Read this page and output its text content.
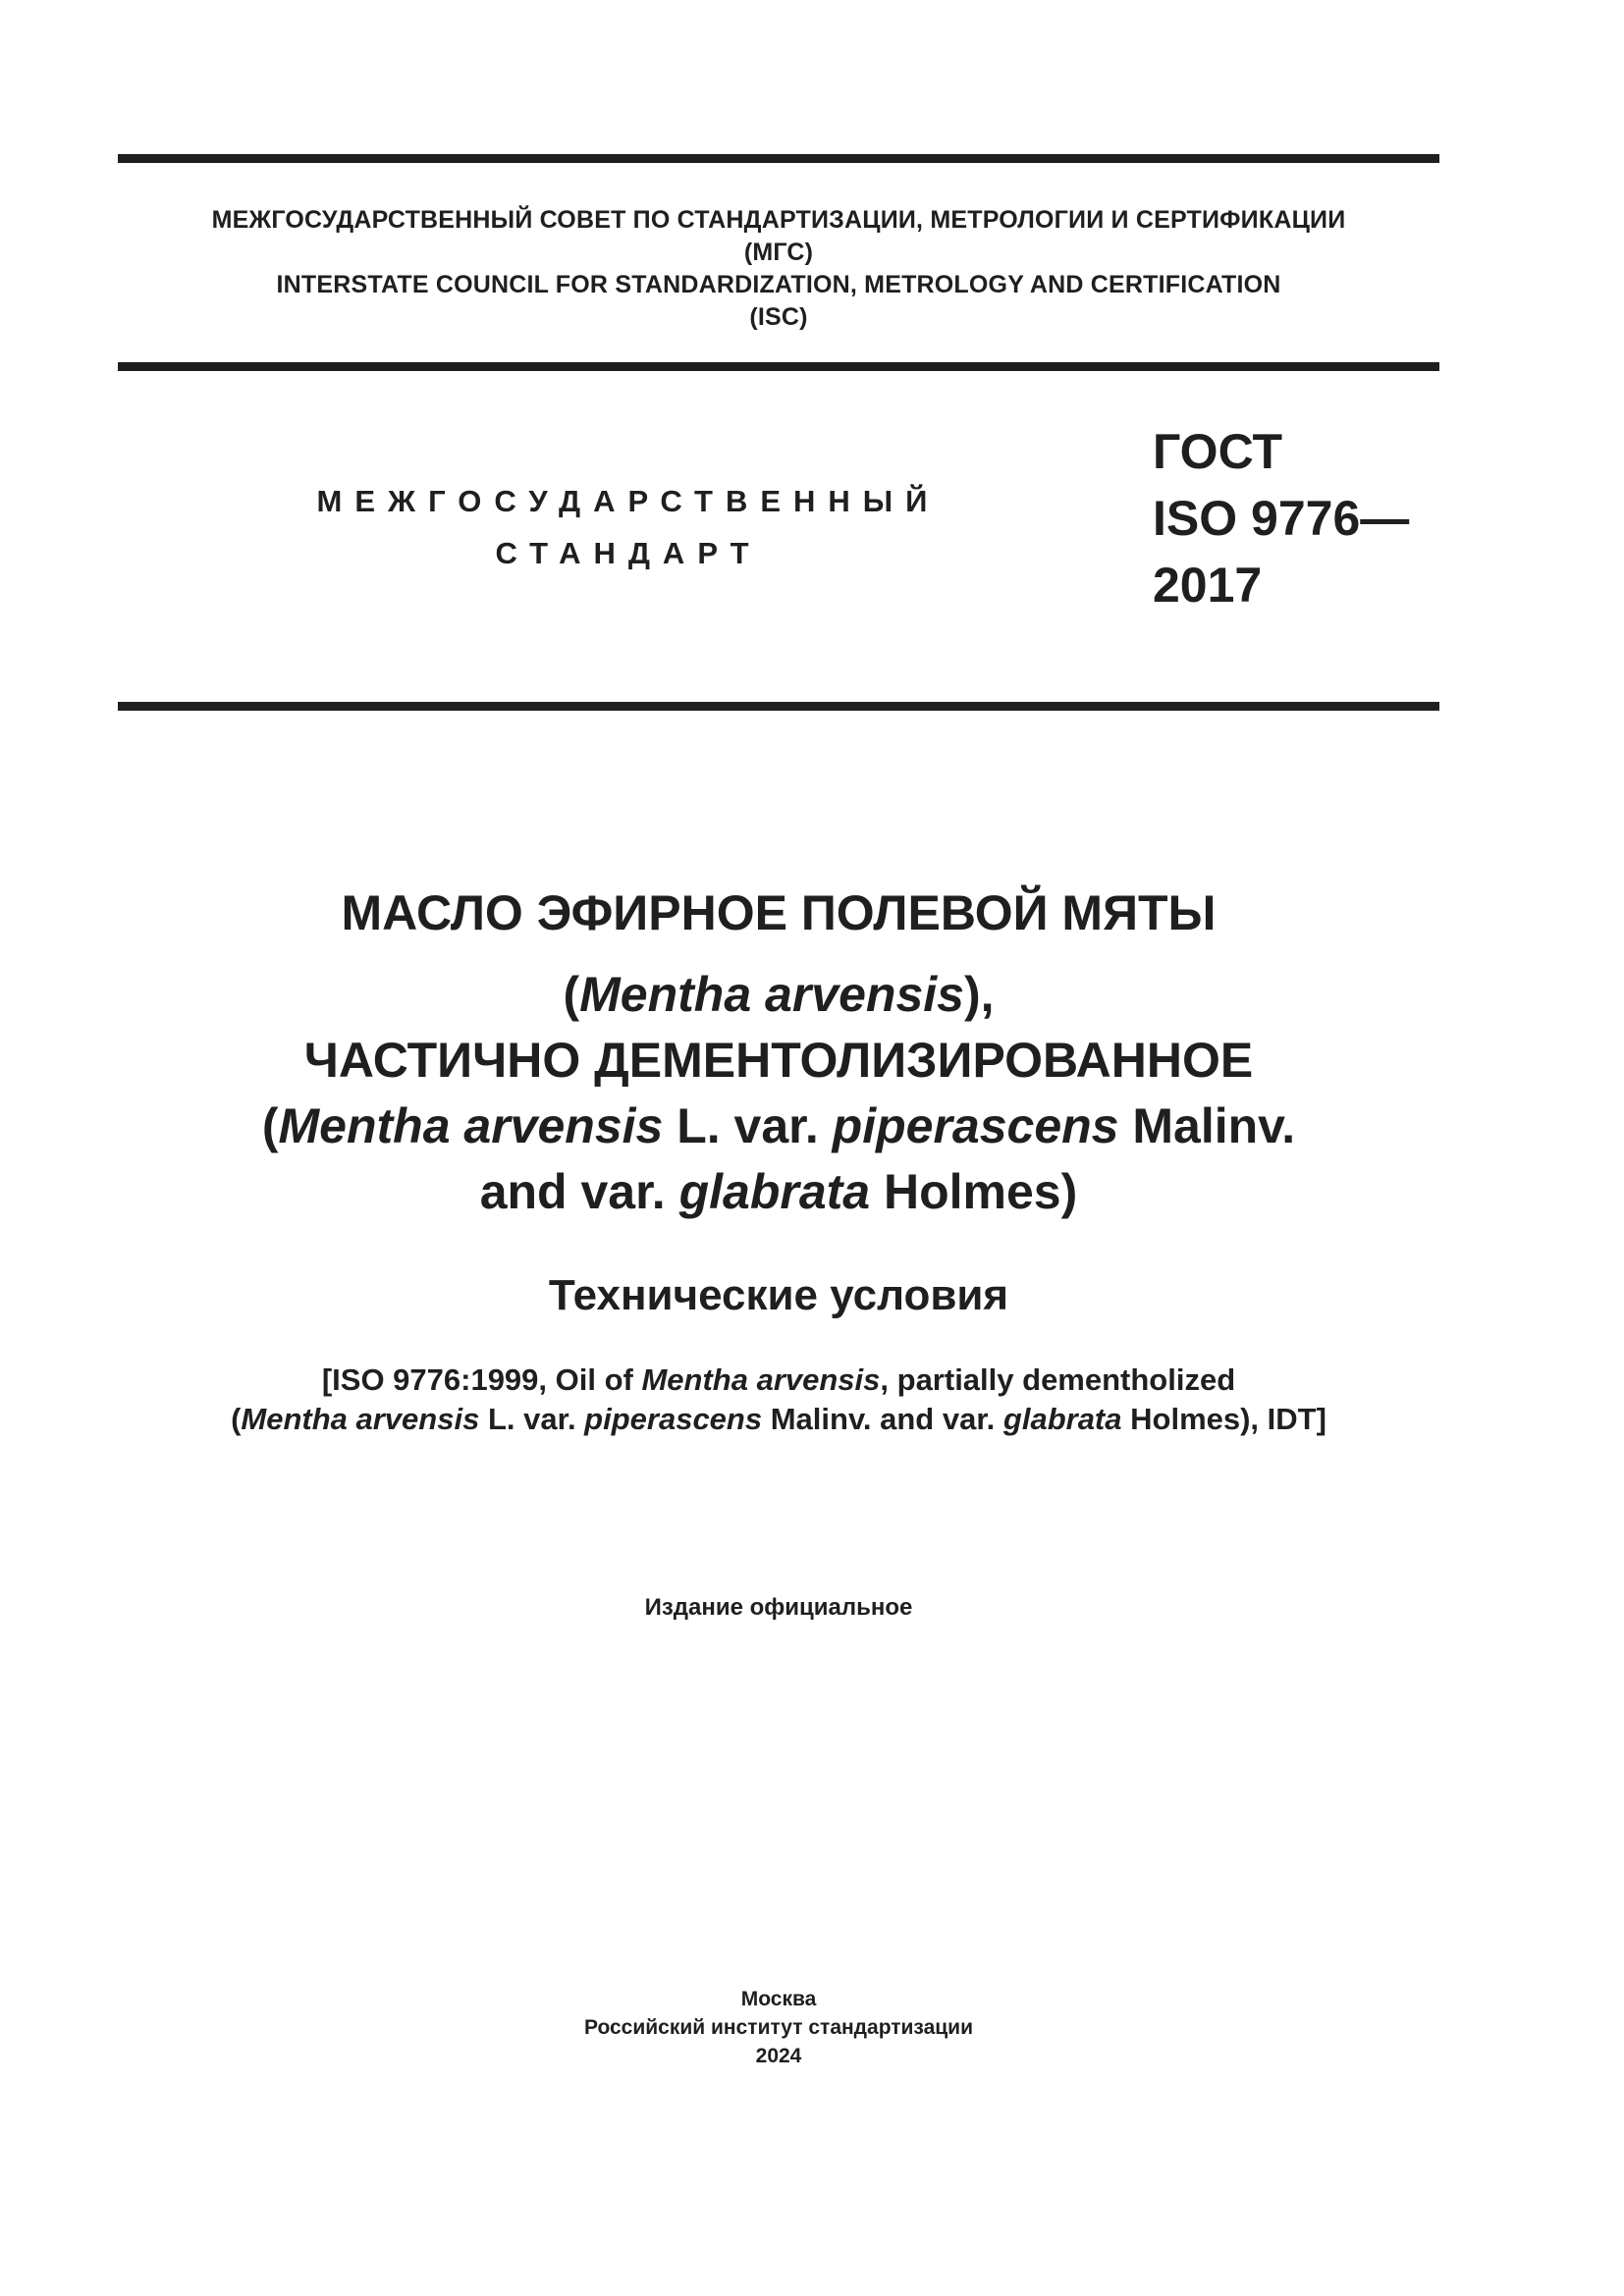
МЕЖГОСУДАРСТВЕННЫЙ СОВЕТ ПО СТАНДАРТИЗАЦИИ, МЕТРОЛОГИИ И СЕРТИФИКАЦИИ
(МГС)
INTERSTATE COUNCIL FOR STANDARDIZATION, METROLOGY AND CERTIFICATION
(ISC)
МЕЖГОСУДАРСТВЕННЫЙ
СТАНДАРТ
ГОСТ
ISO 9776—
2017
МАСЛО ЭФИРНОЕ ПОЛЕВОЙ МЯТЫ
(Mentha arvensis),
ЧАСТИЧНО ДЕМЕНТОЛИЗИРОВАННОЕ
(Mentha arvensis L. var. piperascens Malinv.
and var. glabrata Holmes)
Технические условия
[ISO 9776:1999, Oil of Mentha arvensis, partially dementholized
(Mentha arvensis L. var. piperascens Malinv. and var. glabrata Holmes), IDT]
Издание официальное
Москва
Российский институт стандартизации
2024
